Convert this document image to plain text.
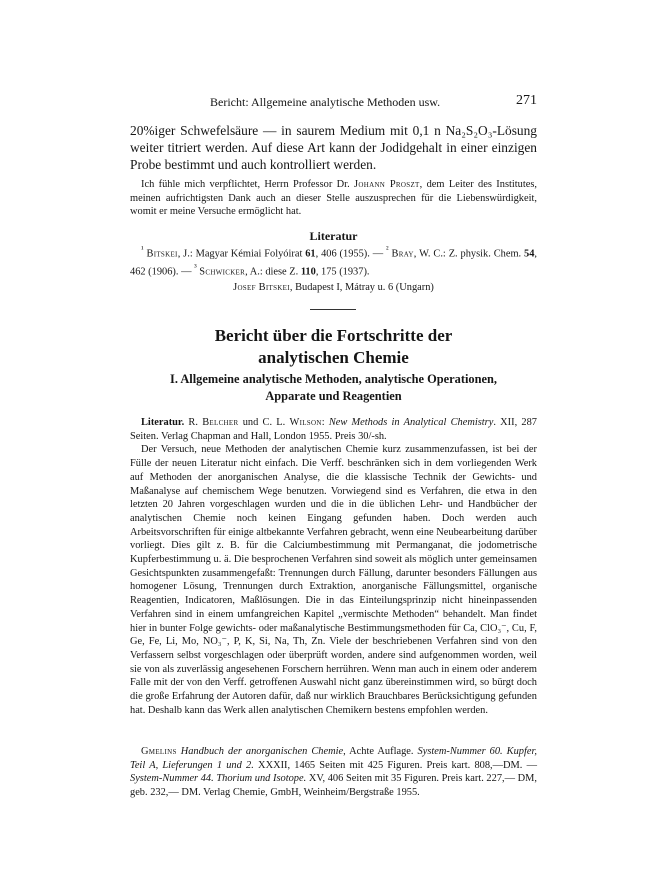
Bericht: Allgemeine analytische Methoden usw.	271
20%iger Schwefelsäure — in saurem Medium mit 0,1 n Na₂S₂O₃-Lösung weiter titriert werden. Auf diese Art kann der Jodidgehalt in einer einzigen Probe bestimmt und auch kontrolliert werden.
Ich fühle mich verpflichtet, Herrn Professor Dr. Johann Proszt, dem Leiter des Institutes, meinen aufrichtigsten Dank auch an dieser Stelle auszusprechen für die Liebenswürdigkeit, womit er meine Versuche ermöglicht hat.
Literatur
$^{^1}$ Bitskei, J.: Magyar Kémiai Folyóirat 61, 406 (1955). — $^{^2}$ Bray, W. C.: Z. physik. Chem. 54, 462 (1906). — $^{^3}$ Schwicker, A.: diese Z. 110, 175 (1937).
Josef Bitskei, Budapest I, Mátray u. 6 (Ungarn)
Bericht über die Fortschritte der
analytischen Chemie
I. Allgemeine analytische Methoden, analytische Operationen,
Apparate und Reagentien

Literatur. R. Belcher und C. L. Wilson: New Methods in Analytical Chemistry. XII, 287 Seiten. Verlag Chapman and Hall, London 1955. Preis 30/-sh.

Der Versuch, neue Methoden der analytischen Chemie kurz zusammenzufassen, ist bei der Fülle der neuen Literatur nicht einfach. Die Verff. beschränken sich in dem vorliegenden Werk auf Methoden der anorganischen Analyse, die die klassische Technik der Gewichts- und Maßanalyse auf chemischem Wege benutzen. Vorwiegend sind es Verfahren, die etwa in den letzten 20 Jahren vorgeschlagen wurden und die in die üblichen Lehr- und Handbücher der analytischen Chemie noch keinen Eingang gefunden haben. Doch werden auch Arbeitsvorschriften für einige altbekannte Verfahren gebracht, wenn eine Neubearbeitung darüber vorliegt. Dies gilt z. B. für die Calciumbestimmung mit Permanganat, die jodometrische Kupferbestimmung u. ä. Die besprochenen Verfahren sind soweit als möglich unter gemeinsamen Gesichtspunkten zusammengefaßt: Trennungen durch Fällung, darunter besonders Fällungen aus homogener Lösung, Trennungen durch Extraktion, anorganische Fällungsmittel, organische Reagentien, Indicatoren, Maßlösungen. Die in das Einteilungsprinzip nicht hineinpassenden Verfahren sind in einem umfangreichen Kapitel „vermischte Methoden“ behandelt. Man findet hier in bunter Folge gewichts- oder maßanalytische Bestimmungsmethoden für Ca, ClO₃⁻, Cu, F, Ge, Fe, Li, Mo, NO₃⁻, P, K, Si, Na, Th, Zn. Viele der beschriebenen Verfahren sind von den Verfassern selbst vorgeschlagen oder überprüft worden, andere sind aufgenommen worden, weil sie von als zuverlässig angesehenen Forschern herrühren. Wenn man auch in einem oder anderem Falle mit der von den Verff. getroffenen Auswahl nicht ganz übereinstimmen wird, so bürgt doch die große Erfahrung der Autoren dafür, daß nur wirklich Brauchbares Berücksichtigung gefunden hat. Deshalb kann das Werk allen analytischen Chemikern bestens empfohlen werden.

Gmelins Handbuch der anorganischen Chemie, Achte Auflage. System-Nummer 60. Kupfer, Teil A, Lieferungen 1 und 2. XXXII, 1465 Seiten mit 425 Figuren. Preis kart. 808,—DM. — System-Nummer 44. Thorium und Isotope. XV, 406 Seiten mit 35 Figuren. Preis kart. 227,— DM, geb. 232,— DM. Verlag Chemie, GmbH, Weinheim/Bergstraße 1955.
